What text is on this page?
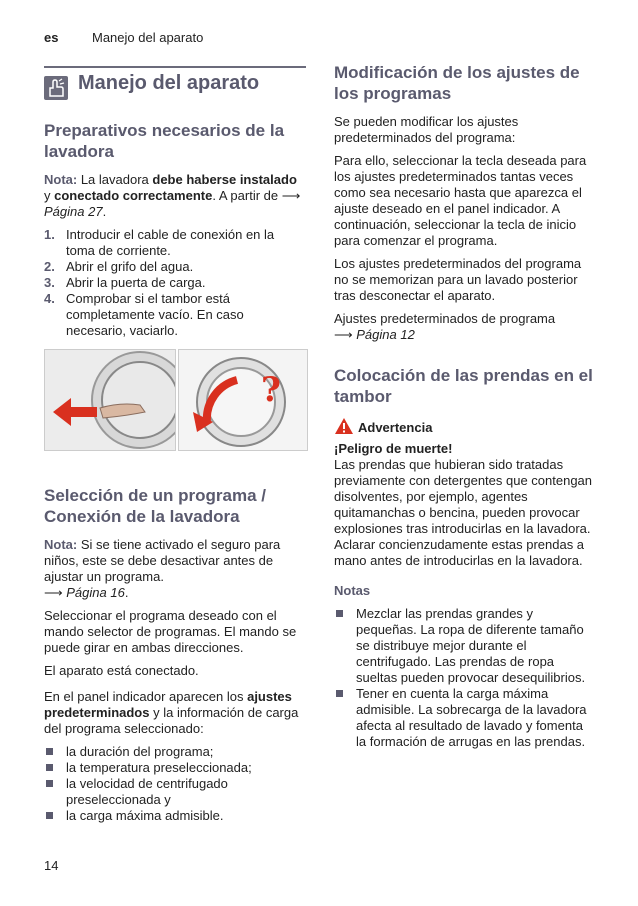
es	Manejo del aparato
Manejo del aparato
Preparativos necesarios de la lavadora

Nota: La lavadora debe haberse instalado y conectado correctamente. A partir de ⟶ Página 27.

1. Introducir el cable de conexión en la toma de corriente.
2. Abrir el grifo del agua.
3. Abrir la puerta de carga.
4. Comprobar si el tambor está completamente vacío. En caso necesario, vaciarlo.
?
Selección de un programa / Conexión de la lavadora

Nota: Si se tiene activado el seguro para niños, este se debe desactivar antes de ajustar un programa.
⟶ Página 16.

Seleccionar el programa deseado con el mando selector de programas. El mando se puede girar en ambas direcciones.

El aparato está conectado.

En el panel indicador aparecen los ajustes predeterminados y la información de carga del programa seleccionado:

la duración del programa;
la temperatura preseleccionada;
la velocidad de centrifugado preseleccionada y
la carga máxima admisible.
Modificación de los ajustes de los programas

Se pueden modificar los ajustes predeterminados del programa:

Para ello, seleccionar la tecla deseada para los ajustes predeterminados tantas veces como sea necesario hasta que aparezca el ajuste deseado en el panel indicador. A continuación, seleccionar la tecla de inicio para comenzar el programa.

Los ajustes predeterminados del programa no se memorizan para un lavado posterior tras desconectar el aparato.

Ajustes predeterminados de programa
⟶ Página 12

Colocación de las prendas en el tambor
Advertencia
¡Peligro de muerte!
Las prendas que hubieran sido tratadas previamente con detergentes que contengan disolventes, por ejemplo, agentes quitamanchas o bencina, pueden provocar explosiones tras introducirlas en la lavadora.
Aclarar concienzudamente estas prendas a mano antes de introducirlas en la lavadora.

Notas

Mezclar las prendas grandes y pequeñas. La ropa de diferente tamaño se distribuye mejor durante el centrifugado. Las prendas de ropa sueltas pueden provocar desequilibrios.
Tener en cuenta la carga máxima admisible. La sobrecarga de la lavadora afecta al resultado de lavado y fomenta la formación de arrugas en las prendas.
14
